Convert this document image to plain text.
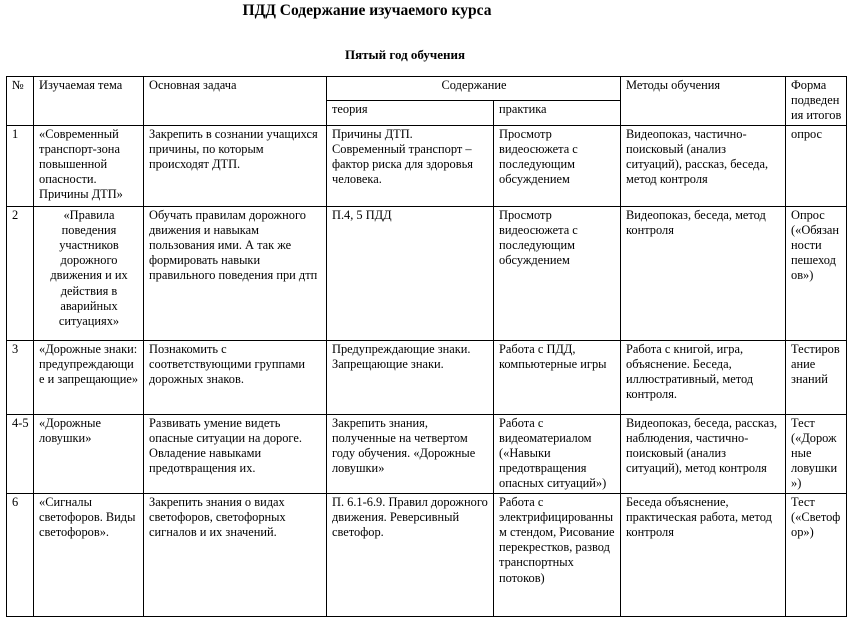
ПДД Содержание изучаемого курса
Пятый год обучения
№	Изучаемая тема	Основная задача	Содержание		Методы обучения	Форма подведения итогов
			теория	практика		
1	«Современный транспорт-зона повышенной опасности. Причины ДТП»	Закрепить в сознании учащихся причины, по которым происходят ДТП.	Причины ДТП. Современный транспорт – фактор риска для здоровья человека.	Просмотр видеосюжета с последующим обсуждением	Видеопоказ, частично-поисковый (анализ ситуаций), рассказ, беседа, метод контроля	опрос
2	«Правила поведения участников дорожного движения и их действия в аварийных ситуациях»	Обучать правилам дорожного движения и навыкам пользования ими. А так же формировать навыки правильного поведения при дтп	П.4, 5 ПДД	Просмотр видеосюжета с последующим обсуждением	Видеопоказ, беседа, метод контроля	Опрос («Обязанности пешеходов»)
3	«Дорожные знаки: предупреждающие и запрещающие»	Познакомить с соответствующими группами дорожных знаков.	Предупреждающие знаки. Запрещающие знаки.	Работа с ПДД, компьютерные игры	Работа с книгой, игра, объяснение. Беседа, иллюстративный, метод контроля.	Тестирование знаний
4-5	«Дорожные ловушки»	Развивать умение видеть опасные ситуации на дороге. Овладение навыками предотвращения их.	Закрепить знания, полученные на четвертом году обучения. «Дорожные ловушки»	Работа с видеоматериалом («Навыки предотвращения опасных ситуаций»)	Видеопоказ, беседа, рассказ, наблюдения, частично-поисковый (анализ ситуаций), метод контроля	Тест («Дорожные ловушки»)
6	«Сигналы светофоров. Виды светофоров».	Закрепить знания о видах светофоров, светофорных сигналов и их значений.	П. 6.1-6.9. Правил дорожного движения. Реверсивный светофор.	Работа с электрифицированным стендом, Рисование перекрестков, развод транспортных потоков)	Беседа объяснение, практическая работа, метод контроля	Тест («Светофор»)
